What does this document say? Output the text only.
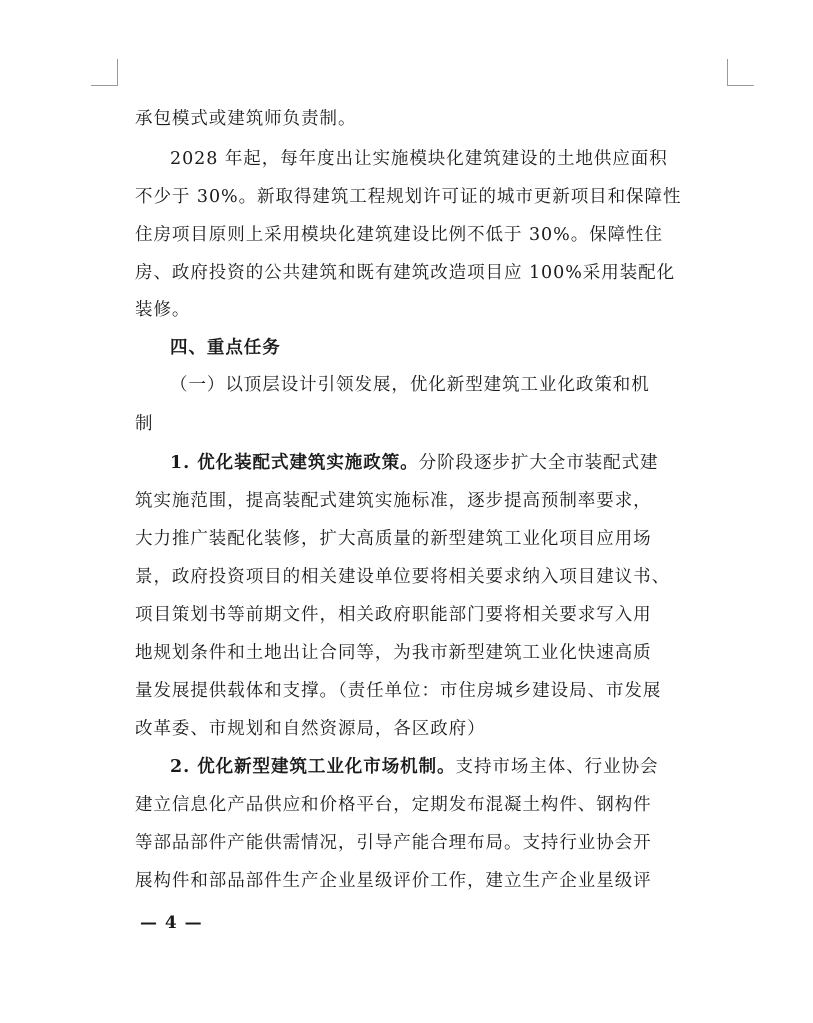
承包模式或建筑师负责制。
2028 年起，每年度出让实施模块化建筑建设的土地供应面积
不少于 30%。新取得建筑工程规划许可证的城市更新项目和保障性
住房项目原则上采用模块化建筑建设比例不低于 30%。保障性住
房、政府投资的公共建筑和既有建筑改造项目应 100%采用装配化
装修。
四、重点任务
（一）以顶层设计引领发展，优化新型建筑工业化政策和机
制
1. 优化装配式建筑实施政策。分阶段逐步扩大全市装配式建
筑实施范围，提高装配式建筑实施标准，逐步提高预制率要求，
大力推广装配化装修，扩大高质量的新型建筑工业化项目应用场
景，政府投资项目的相关建设单位要将相关要求纳入项目建议书、
项目策划书等前期文件，相关政府职能部门要将相关要求写入用
地规划条件和土地出让合同等，为我市新型建筑工业化快速高质
量发展提供载体和支撑。（责任单位：市住房城乡建设局、市发展
改革委、市规划和自然资源局，各区政府）
2. 优化新型建筑工业化市场机制。支持市场主体、行业协会
建立信息化产品供应和价格平台，定期发布混凝土构件、钢构件
等部品部件产能供需情况，引导产能合理布局。支持行业协会开
展构件和部品部件生产企业星级评价工作，建立生产企业星级评
— 4 —
